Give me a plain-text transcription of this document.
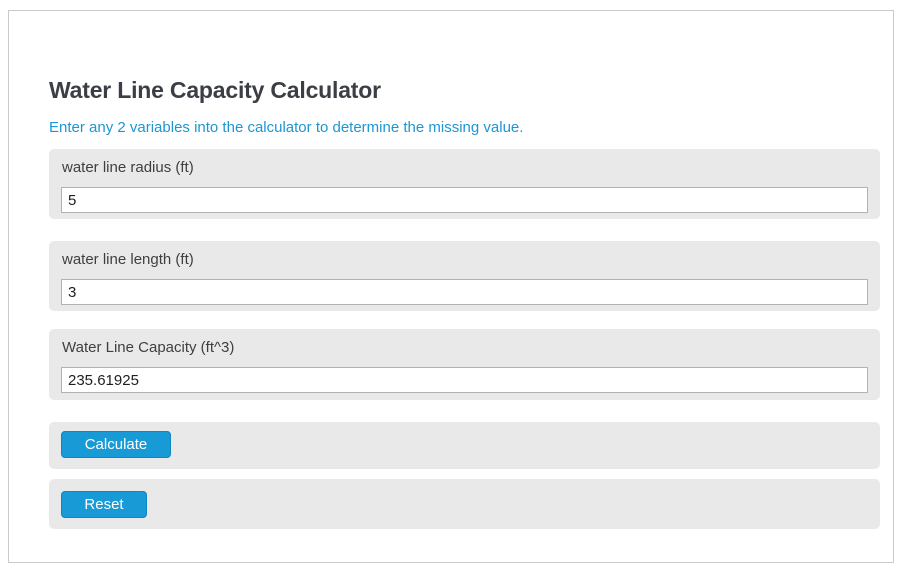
Water Line Capacity Calculator
Enter any 2 variables into the calculator to determine the missing value.
water line radius (ft)
5
water line length (ft)
3
Water Line Capacity (ft^3)
235.61925
Calculate
Reset
